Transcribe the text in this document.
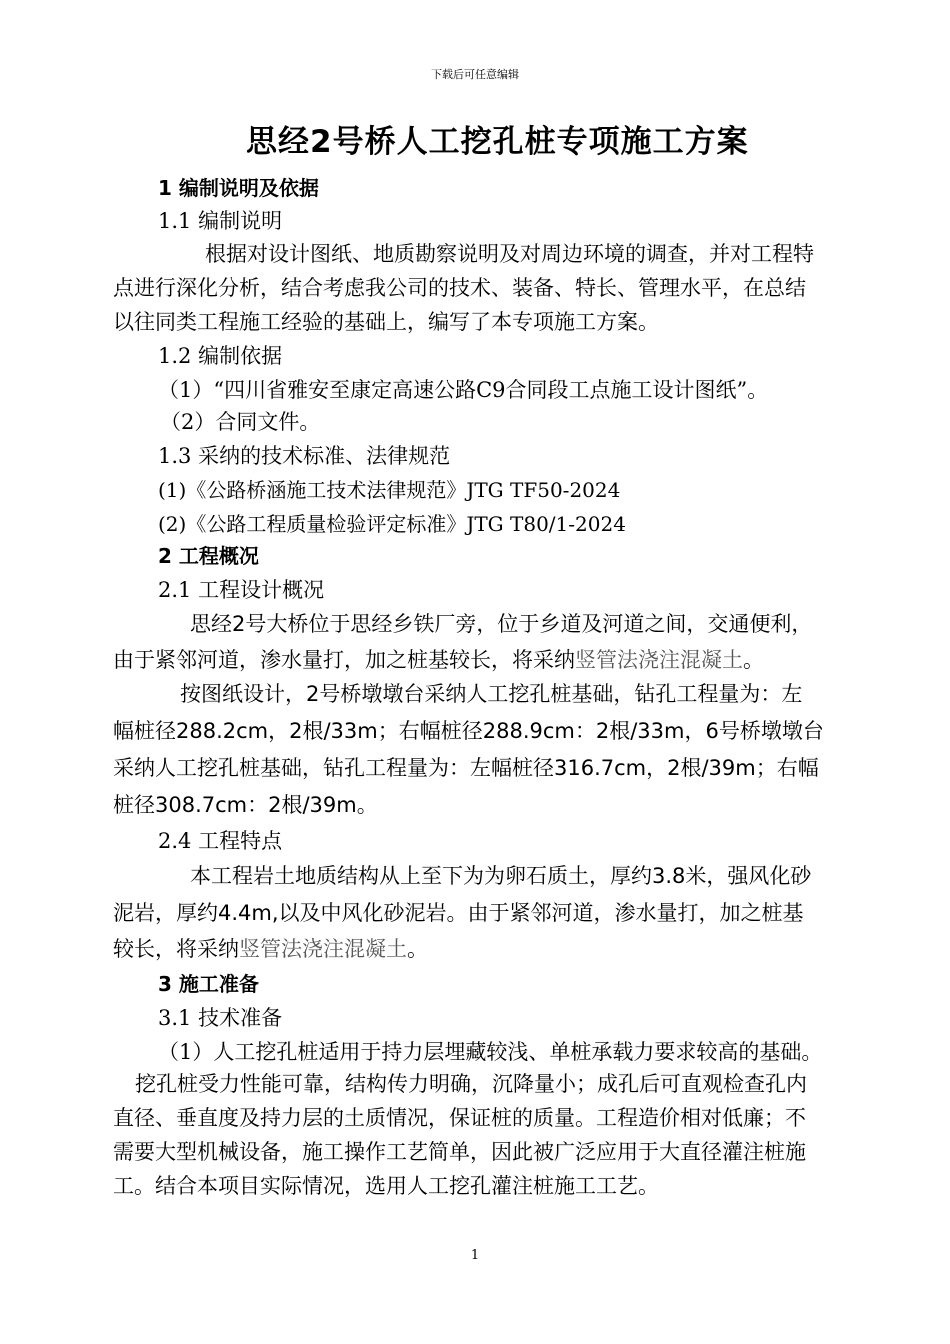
下载后可任意编辑
思经2号桥人工挖孔桩专项施工方案
1 编制说明及依据
1.1 编制说明
根据对设计图纸、地质勘察说明及对周边环境的调查，并对工程特
点进行深化分析，结合考虑我公司的技术、装备、特长、管理水平，在总结
以往同类工程施工经验的基础上，编写了本专项施工方案。
1.2 编制依据
（1）“四川省雅安至康定高速公路C9合同段工点施工设计图纸”。
（2）合同文件。
1.3 采纳的技术标准、法律规范
(1)《公路桥涵施工技术法律规范》JTG TF50-2024
(2)《公路工程质量检验评定标准》JTG T80/1-2024
2 工程概况
2.1 工程设计概况
思经2号大桥位于思经乡铁厂旁，位于乡道及河道之间，交通便利，
由于紧邻河道，渗水量打，加之桩基较长，将采纳竖管法浇注混凝土。
按图纸设计，2号桥墩墩台采纳人工挖孔桩基础，钻孔工程量为：左
幅桩径288.2cm，2根/33m；右幅桩径288.9cm：2根/33m，6号桥墩墩台
采纳人工挖孔桩基础，钻孔工程量为：左幅桩径316.7cm，2根/39m；右幅
桩径308.7cm：2根/39m。
2.4 工程特点
本工程岩土地质结构从上至下为为卵石质土，厚约3.8米，强风化砂
泥岩，厚约4.4m,以及中风化砂泥岩。由于紧邻河道，渗水量打，加之桩基
较长，将采纳竖管法浇注混凝土。
3 施工准备
3.1 技术准备
（1）人工挖孔桩适用于持力层埋藏较浅、单桩承载力要求较高的基础。
挖孔桩受力性能可靠，结构传力明确，沉降量小；成孔后可直观检查孔内
直径、垂直度及持力层的土质情况，保证桩的质量。工程造价相对低廉；不
需要大型机械设备，施工操作工艺简单，因此被广泛应用于大直径灌注桩施
工。结合本项目实际情况，选用人工挖孔灌注桩施工工艺。
1
